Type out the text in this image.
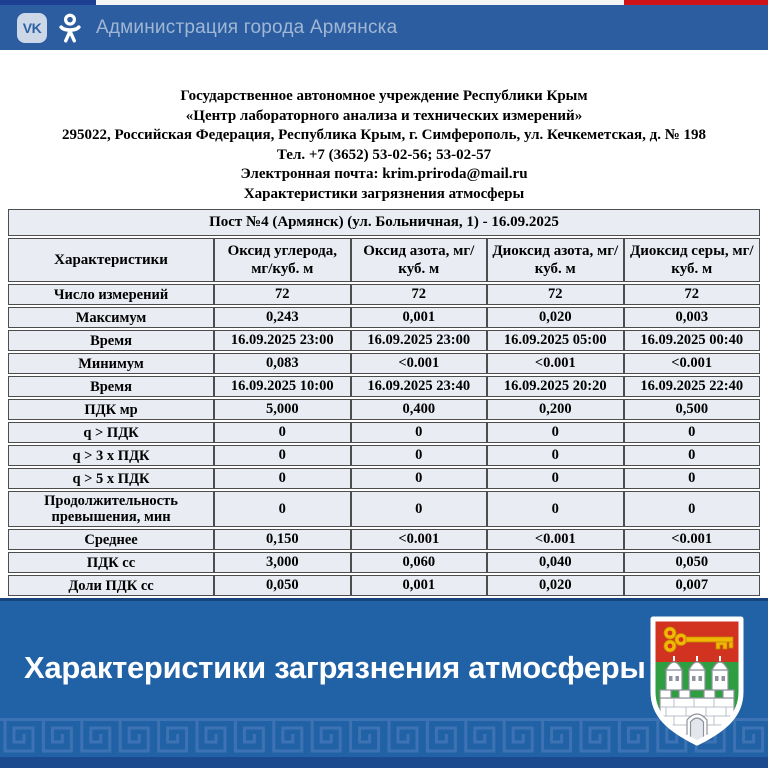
VK	Администрация города Армянска
Государственное автономное учреждение Республики Крым
«Центр лабораторного анализа и технических измерений»
295022, Российская Федерация, Республика Крым, г. Симферополь, ул. Кечкеметская, д. № 198
Тел. +7 (3652) 53-02-56; 53-02-57
Электронная почта: krim.priroda@mail.ru
Характеристики загрязнения атмосферы
Пост №4 (Армянск) (ул. Больничная, 1) - 16.09.2025				
Характеристики	Оксид углерода, мг/куб. м	Оксид азота, мг/куб. м	Диоксид азота, мг/куб. м	Диоксид серы, мг/куб. м
Число измерений	72	72	72	72
Максимум	0,243	0,001	0,020	0,003
Время	16.09.2025 23:00	16.09.2025 23:00	16.09.2025 05:00	16.09.2025 00:40
Минимум	0,083	<0.001	<0.001	<0.001
Время	16.09.2025 10:00	16.09.2025 23:40	16.09.2025 20:20	16.09.2025 22:40
ПДК мр	5,000	0,400	0,200	0,500
q > ПДК	0	0	0	0
q > 3 х ПДК	0	0	0	0
q > 5 х ПДК	0	0	0	0
Продолжительность превышения, мин	0	0	0	0
Среднее	0,150	<0.001	<0.001	<0.001
ПДК сс	3,000	0,060	0,040	0,050
Доли ПДК сс	0,050	0,001	0,020	0,007
Характеристики загрязнения атмосферы
